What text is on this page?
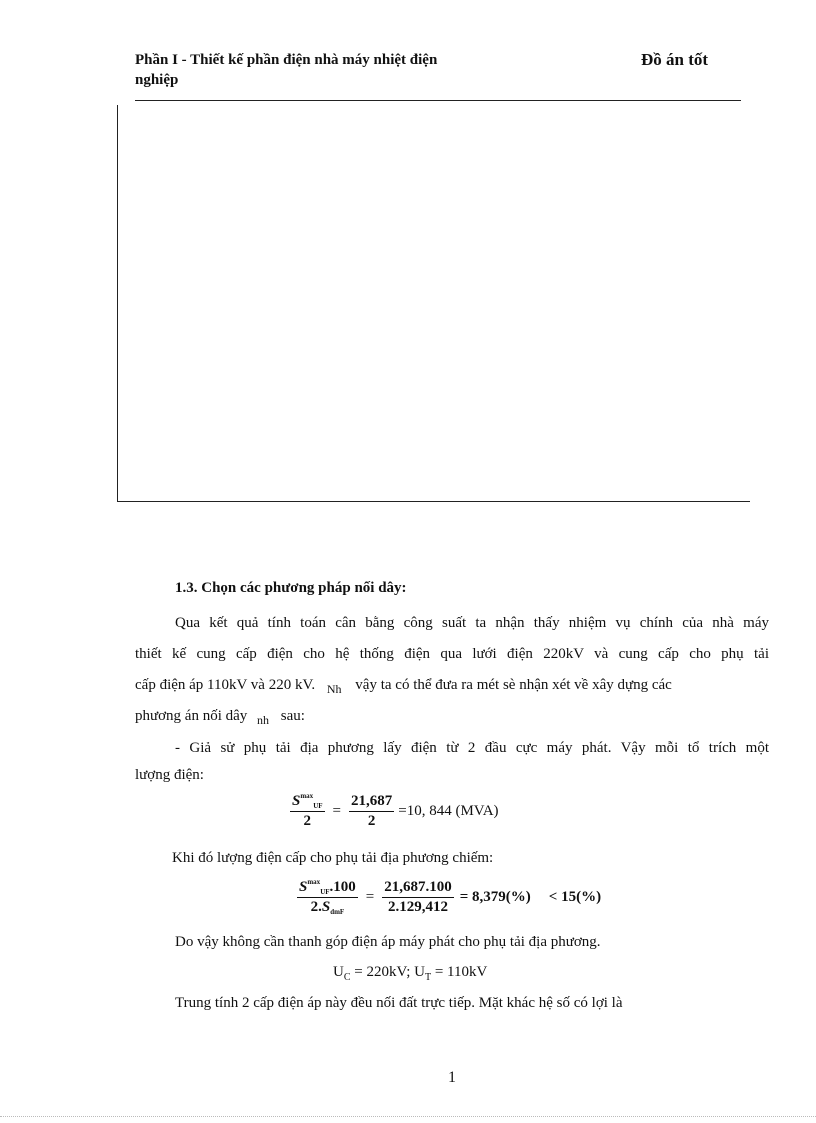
Phần I - Thiết kế phần điện nhà máy nhiệt điện
nghiệp
Đồ án tốt
1.3. Chọn các phương pháp nối dây:
Qua kết quả tính toán cân bằng công suất ta nhận thấy nhiệm vụ chính của nhà máy
thiết kế cung cấp điện cho hệ thống điện qua lưới điện 220kV và cung cấp cho phụ tải
cấp điện áp 110kV và 220 kV. $_{Nh}$ vậy ta có thể đưa ra mét sè nhận xét về xây dựng các
phương án nối dây $_{nh}$ sau:
- Giả sử phụ tải địa phương lấy điện từ 2 đầu cực máy phát. Vậy mỗi tổ trích một
lượng điện:
$\frac{S^{max}_{UF}}{2} = \frac{21,687}{2} =10$, 844 (MVA)
Khi đó lượng điện cấp cho phụ tải địa phương chiếm:
$\frac{S^{max}_{UF}.100}{2.S_{dmF}} = \frac{21,687.100}{2.129,412} = 8,379(\%) < 15(\%)$
Do vậy không cần thanh góp điện áp máy phát cho phụ tải địa phương.
$U_C = 220kV$; $U_T = 110kV$
Trung tính 2 cấp điện áp này đều nối đất trực tiếp. Mặt khác hệ số có lợi là
1
